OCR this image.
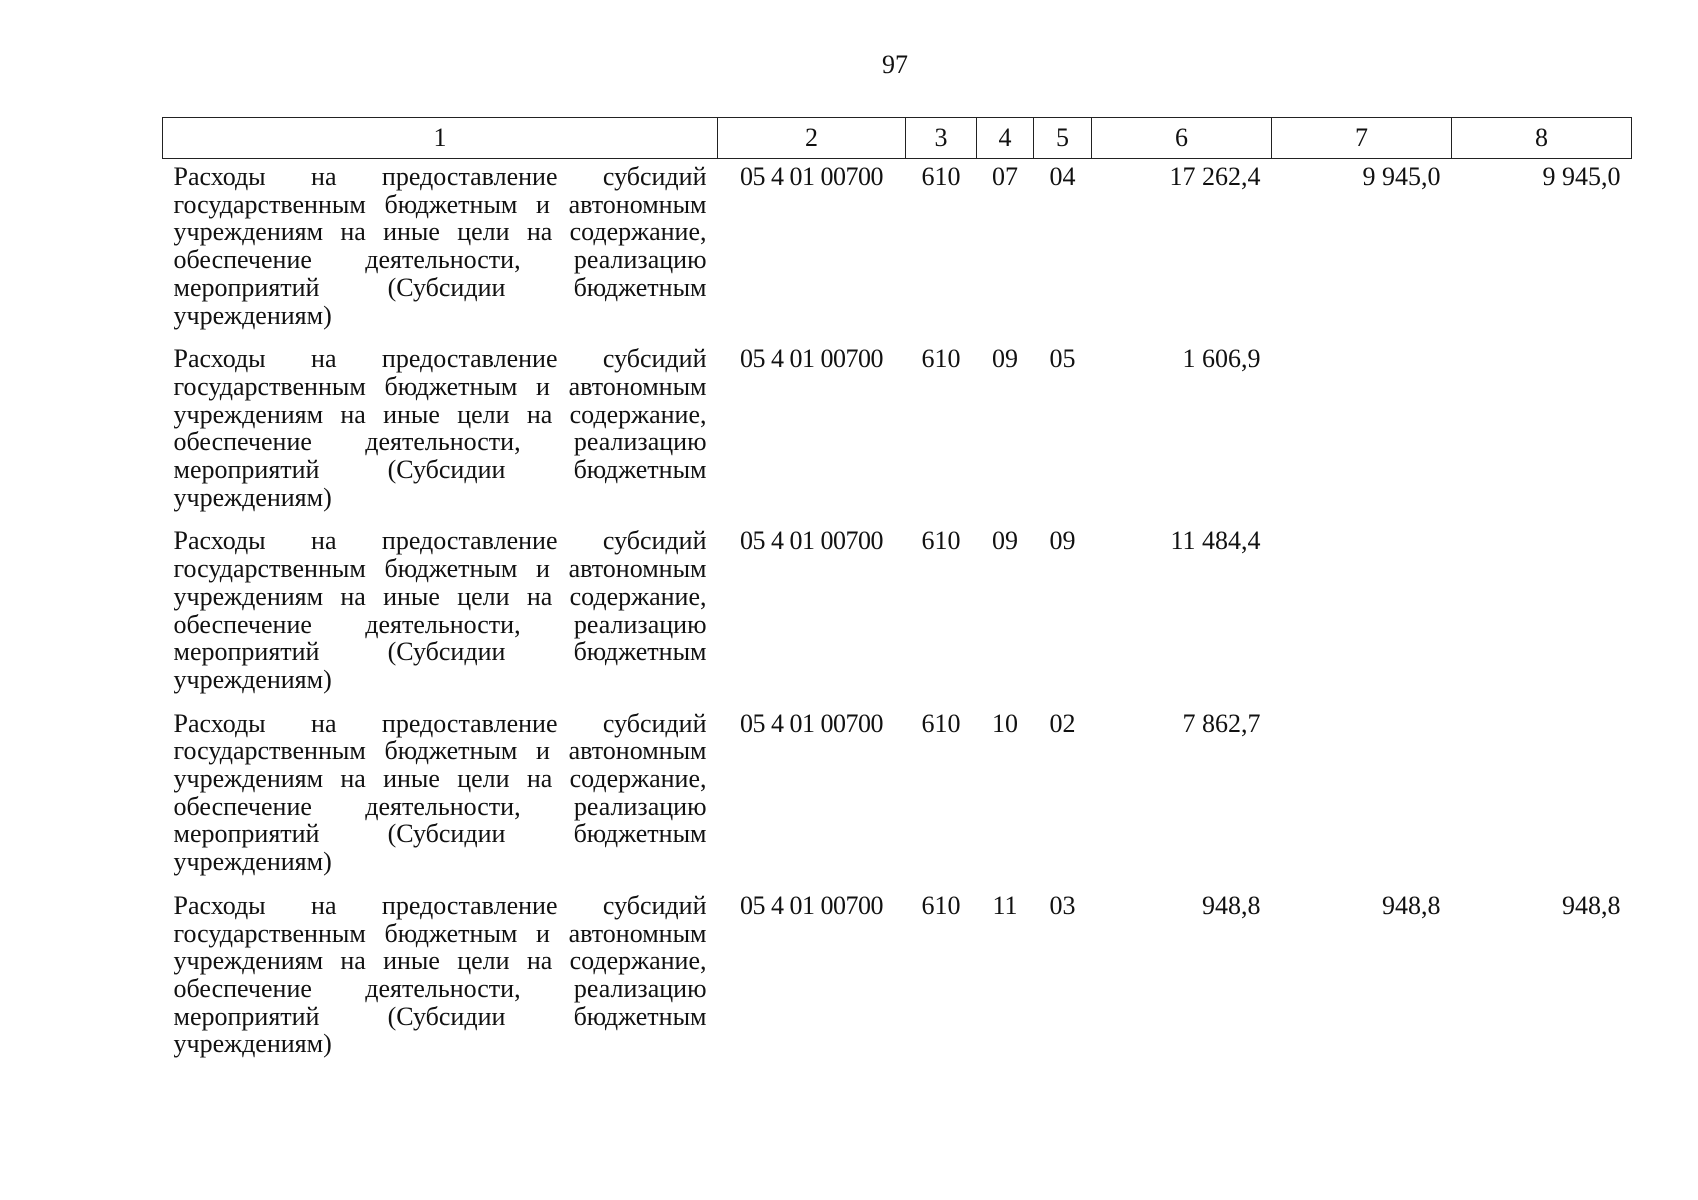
97
1	2	3	4	5	6	7	8
Расходы на предоставление субсидий государственным бюджетным и автономным учреждениям на иные цели на содержание, обеспечение деятельности, реализацию мероприятий (Субсидии бюджетным учреждениям)	05 4 01 00700	610	07	04	17 262,4	9 945,0	9 945,0
Расходы на предоставление субсидий государственным бюджетным и автономным учреждениям на иные цели на содержание, обеспечение деятельности, реализацию мероприятий (Субсидии бюджетным учреждениям)	05 4 01 00700	610	09	05	1 606,9		
Расходы на предоставление субсидий государственным бюджетным и автономным учреждениям на иные цели на содержание, обеспечение деятельности, реализацию мероприятий (Субсидии бюджетным учреждениям)	05 4 01 00700	610	09	09	11 484,4		
Расходы на предоставление субсидий государственным бюджетным и автономным учреждениям на иные цели на содержание, обеспечение деятельности, реализацию мероприятий (Субсидии бюджетным учреждениям)	05 4 01 00700	610	10	02	7 862,7		
Расходы на предоставление субсидий государственным бюджетным и автономным учреждениям на иные цели на содержание, обеспечение деятельности, реализацию мероприятий (Субсидии бюджетным учреждениям)	05 4 01 00700	610	11	03	948,8	948,8	948,8
